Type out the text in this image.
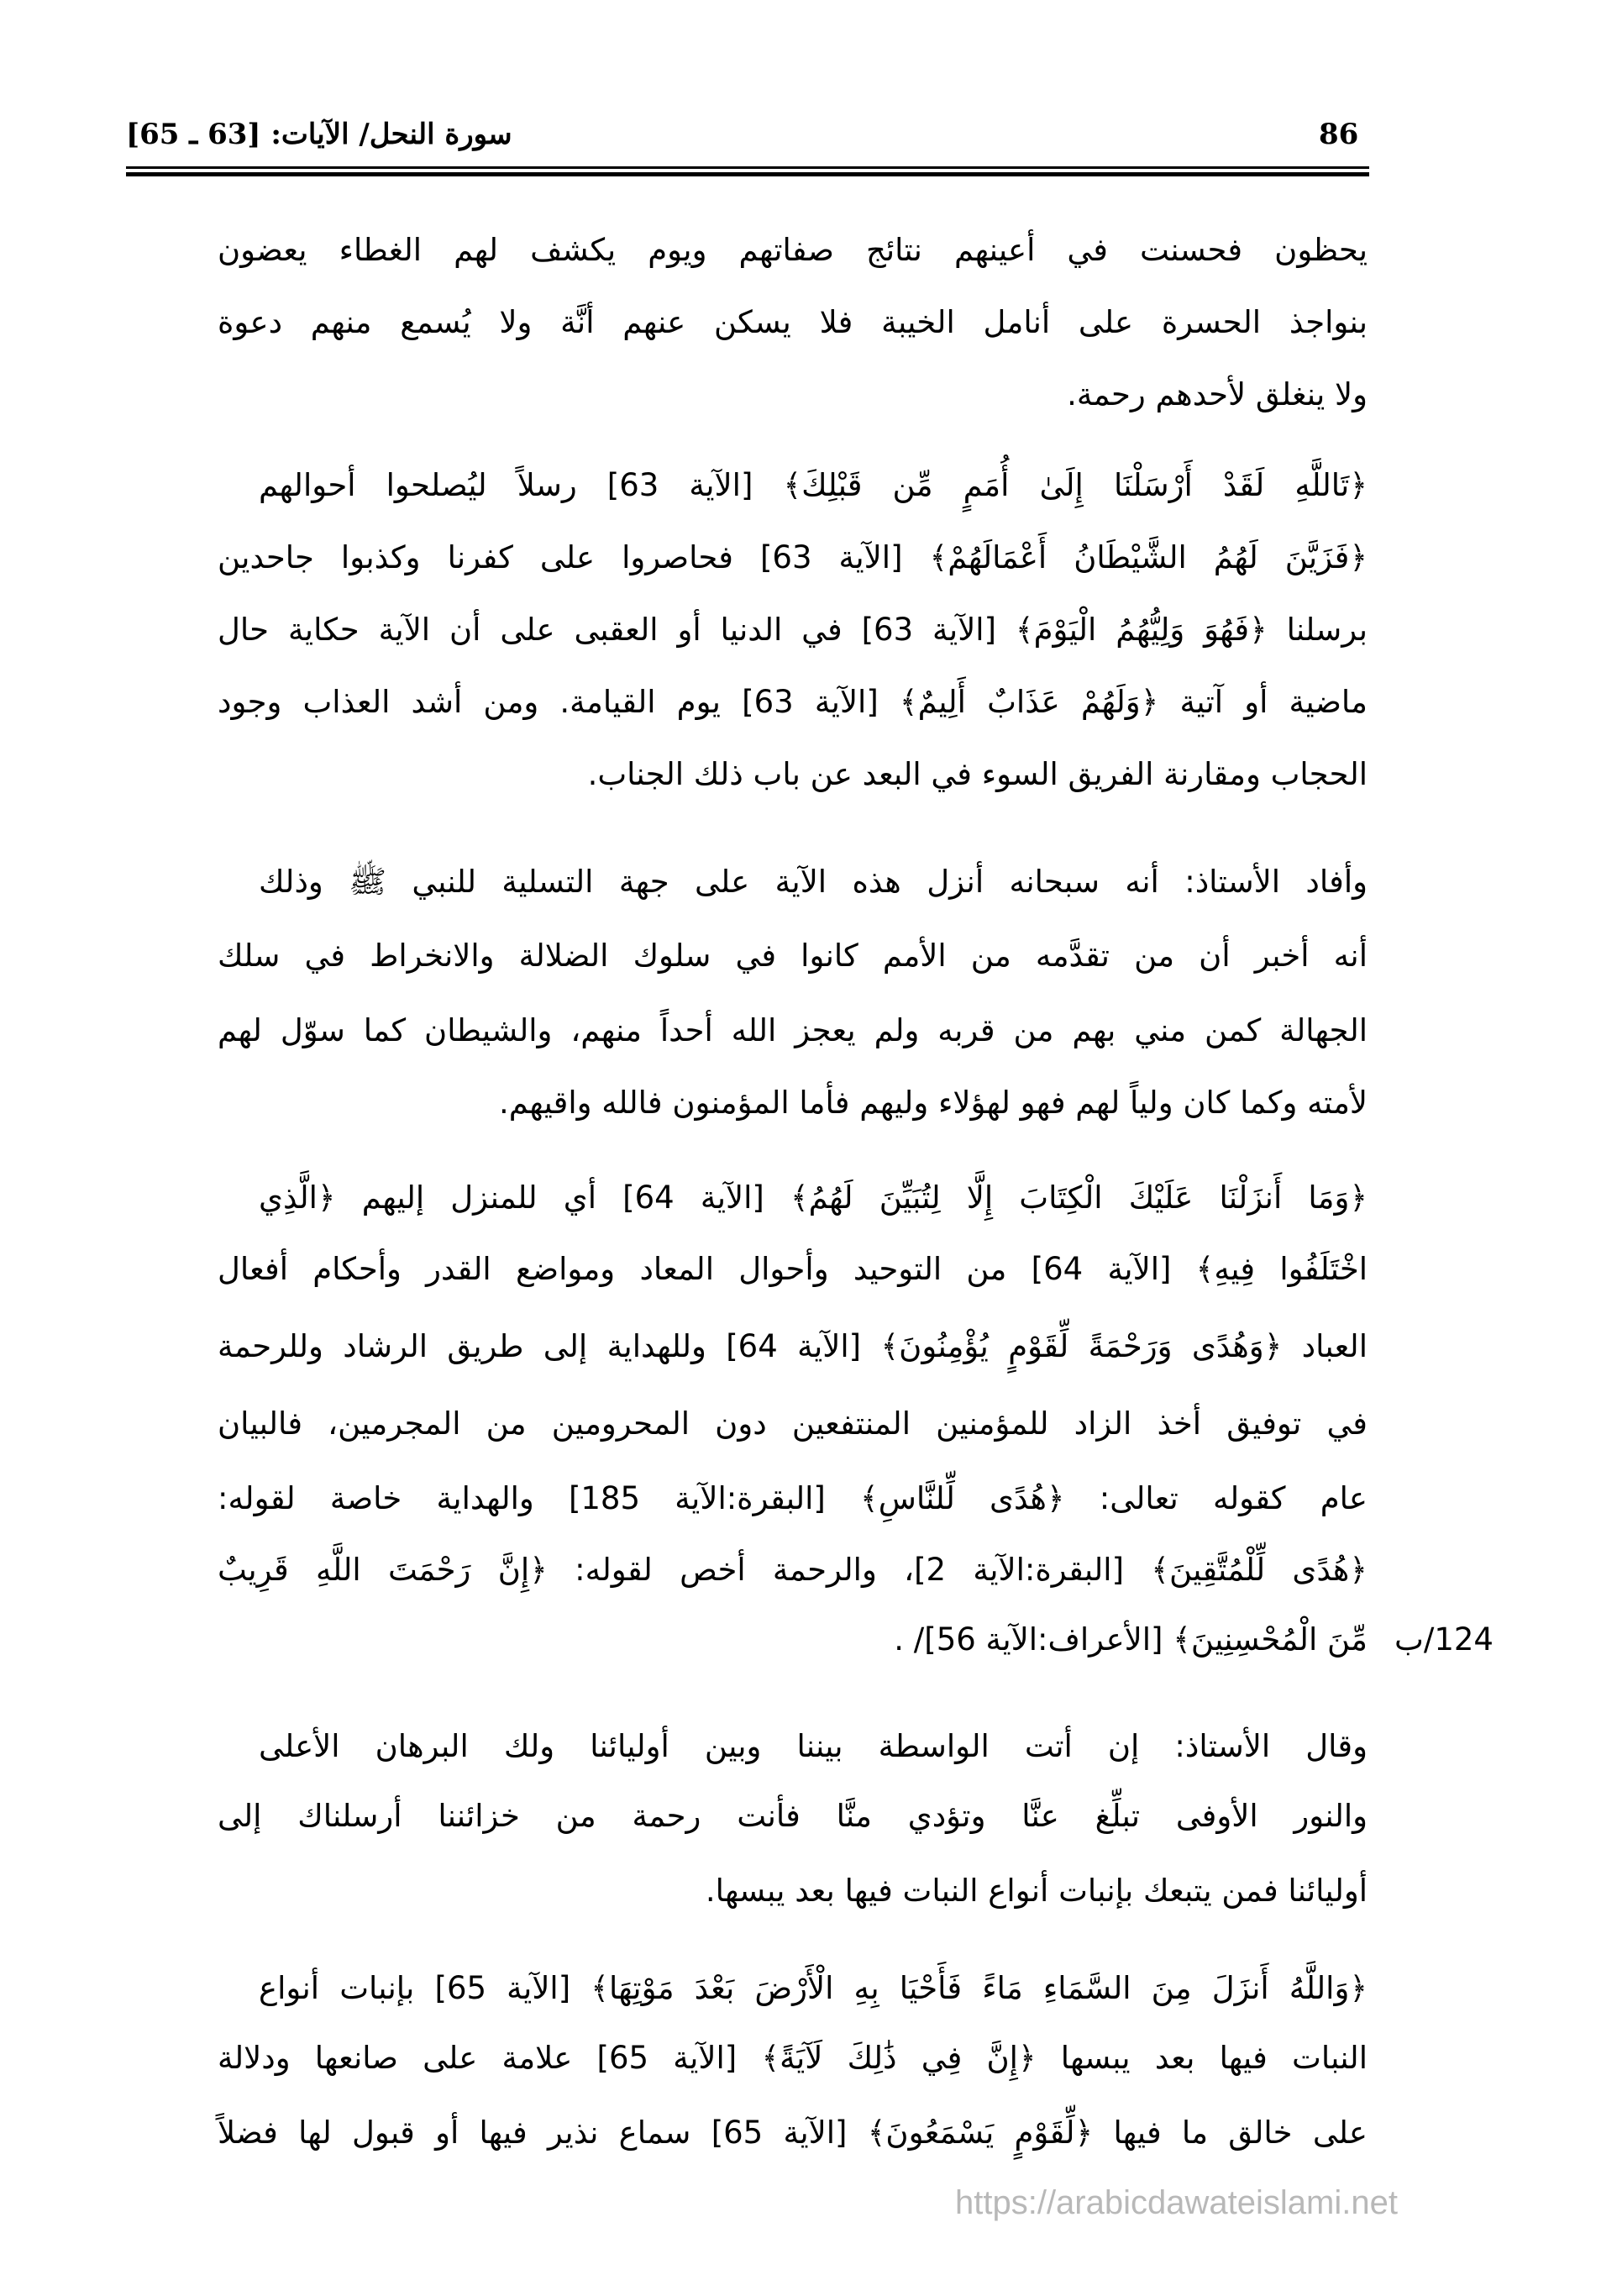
86
سورة النحل/ الآيات: [63 ـ 65]
يحظون فحسنت في أعينهم نتائج صفاتهم ويوم يكشف لهم الغطاء يعضون
بنواجذ الحسرة على أنامل الخيبة فلا يسكن عنهم أنَّة ولا يُسمع منهم دعوة
ولا ينغلق لأحدهم رحمة.
﴿تَاللَّهِ لَقَدْ أَرْسَلْنَا إِلَىٰ أُمَمٍ مِّن قَبْلِكَ﴾ [الآية 63] رسلاً ليُصلحوا أحوالهم
﴿فَزَيَّنَ لَهُمُ الشَّيْطَانُ أَعْمَالَهُمْ﴾ [الآية 63] فحاصروا على كفرنا وكذبوا جاحدين
برسلنا ﴿فَهُوَ وَلِيُّهُمُ الْيَوْمَ﴾ [الآية 63] في الدنيا أو العقبى على أن الآية حكاية حال
ماضية أو آتية ﴿وَلَهُمْ عَذَابٌ أَلِيمٌ﴾ [الآية 63] يوم القيامة. ومن أشد العذاب وجود
الحجاب ومقارنة الفريق السوء في البعد عن باب ذلك الجناب.
وأفاد الأستاذ: أنه سبحانه أنزل هذه الآية على جهة التسلية للنبي ﷺ وذلك
أنه أخبر أن من تقدَّمه من الأمم كانوا في سلوك الضلالة والانخراط في سلك
الجهالة كمن مني بهم من قربه ولم يعجز الله أحداً منهم، والشيطان كما سوّل لهم
لأمته وكما كان ولياً لهم فهو لهؤلاء وليهم فأما المؤمنون فالله واقيهم.
﴿وَمَا أَنزَلْنَا عَلَيْكَ الْكِتَابَ إِلَّا لِتُبَيِّنَ لَهُمُ﴾ [الآية 64] أي للمنزل إليهم ﴿الَّذِي
اخْتَلَفُوا فِيهِ﴾ [الآية 64] من التوحيد وأحوال المعاد ومواضع القدر وأحكام أفعال
العباد ﴿وَهُدًى وَرَحْمَةً لِّقَوْمٍ يُؤْمِنُونَ﴾ [الآية 64] وللهداية إلى طريق الرشاد وللرحمة
في توفيق أخذ الزاد للمؤمنين المنتفعين دون المحرومين من المجرمين، فالبيان
عام كقوله تعالى: ﴿هُدًى لِّلنَّاسِ﴾ [البقرة:الآية 185] والهداية خاصة لقوله:
﴿هُدًى لِّلْمُتَّقِينَ﴾ [البقرة:الآية 2]، والرحمة أخص لقوله: ﴿إِنَّ رَحْمَتَ اللَّهِ قَرِيبٌ
مِّنَ الْمُحْسِنِينَ﴾ [الأعراف:الآية 56]/ . 124/ب
وقال الأستاذ: إن أتت الواسطة بيننا وبين أوليائنا ولك البرهان الأعلى
والنور الأوفى تبلِّغ عنَّا وتؤدي منَّا فأنت رحمة من خزائننا أرسلناك إلى
أوليائنا فمن يتبعك بإنبات أنواع النبات فيها بعد يبسها.
﴿وَاللَّهُ أَنزَلَ مِنَ السَّمَاءِ مَاءً فَأَحْيَا بِهِ الْأَرْضَ بَعْدَ مَوْتِهَا﴾ [الآية 65] بإنبات أنواع
النبات فيها بعد يبسها ﴿إِنَّ فِي ذَٰلِكَ لَآيَةً﴾ [الآية 65] علامة على صانعها ودلالة
على خالق ما فيها ﴿لِّقَوْمٍ يَسْمَعُونَ﴾ [الآية 65] سماع نذير فيها أو قبول لها فضلاً
https://arabicdawateislami.net
